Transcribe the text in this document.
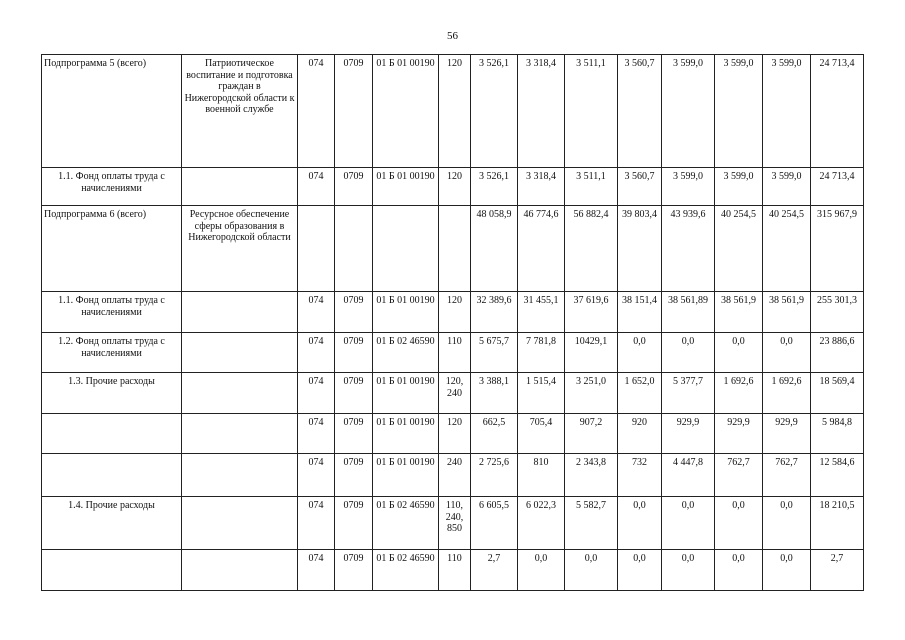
56
Подпрограмма 5 (всего)	Патриотическое воспитание и подготовка граждан в Нижегородской области к военной службе	074	0709	01 Б 01 00190	120	3 526,1	3 318,4	3 511,1	3 560,7	3 599,0	3 599,0	3 599,0	24 713,4
1.1. Фонд оплаты труда с начислениями		074	0709	01 Б 01 00190	120	3 526,1	3 318,4	3 511,1	3 560,7	3 599,0	3 599,0	3 599,0	24 713,4
Подпрограмма 6 (всего)	Ресурсное обеспечение сферы образования в Нижегородской области					48 058,9	46 774,6	56 882,4	39 803,4	43 939,6	40 254,5	40 254,5	315 967,9
1.1. Фонд оплаты труда с начислениями		074	0709	01 Б 01 00190	120	32 389,6	31 455,1	37 619,6	38 151,4	38 561,89	38 561,9	38 561,9	255 301,3
1.2. Фонд оплаты труда с начислениями		074	0709	01 Б 02 46590	110	5 675,7	7 781,8	10429,1	0,0	0,0	0,0	0,0	23 886,6
1.3. Прочие расходы		074	0709	01 Б 01 00190	120, 240	3 388,1	1 515,4	3 251,0	1 652,0	5 377,7	1 692,6	1 692,6	18 569,4
		074	0709	01 Б 01 00190	120	662,5	705,4	907,2	920	929,9	929,9	929,9	5 984,8
		074	0709	01 Б 01 00190	240	2 725,6	810	2 343,8	732	4 447,8	762,7	762,7	12 584,6
1.4. Прочие расходы		074	0709	01 Б 02 46590	110, 240, 850	6 605,5	6 022,3	5 582,7	0,0	0,0	0,0	0,0	18 210,5
		074	0709	01 Б 02 46590	110	2,7	0,0	0,0	0,0	0,0	0,0	0,0	2,7
